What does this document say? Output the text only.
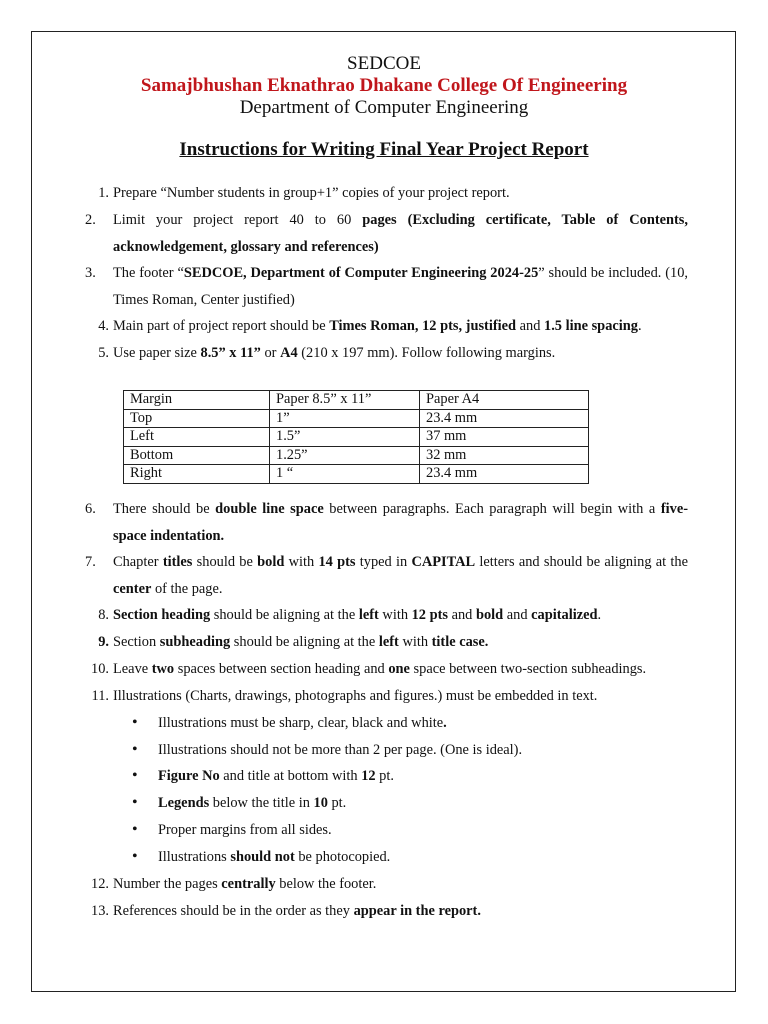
SEDCOE
Samajbhushan Eknathrao Dhakane College Of Engineering
Department of Computer Engineering
Instructions for Writing Final Year Project Report
1. Prepare “Number students in group+1” copies of your project report.
2.	Limit your project report 40 to 60 pages (Excluding certificate, Table of Contents, acknowledgement, glossary and references)
3.	The footer “SEDCOE, Department of Computer Engineering 2024-25” should be included. (10, Times Roman, Center justified)
4. Main part of project report should be Times Roman, 12 pts, justified and 1.5 line spacing.
5. Use paper size 8.5” x 11” or A4 (210 x 197 mm). Follow following margins.
Margin	Paper 8.5” x 11”	Paper A4
Top	1”	23.4 mm
Left	1.5”	37 mm
Bottom	1.25”	32 mm
Right	1 “	23.4 mm
6.	There should be double line space between paragraphs. Each paragraph will begin with a five-space indentation.
7.	Chapter titles should be bold with 14 pts typed in CAPITAL letters and should be aligning at the center of the page.
8. Section heading should be aligning at the left with 12 pts and bold and capitalized.
9. Section subheading should be aligning at the left with title case.
10. Leave two spaces between section heading and one space between two-section subheadings.
11. Illustrations (Charts, drawings, photographs and figures.) must be embedded in text.
• Illustrations must be sharp, clear, black and white.
• Illustrations should not be more than 2 per page. (One is ideal).
• Figure No and title at bottom with 12 pt.
• Legends below the title in 10 pt.
• Proper margins from all sides.
• Illustrations should not be photocopied.
12. Number the pages centrally below the footer.
13. References should be in the order as they appear in the report.
